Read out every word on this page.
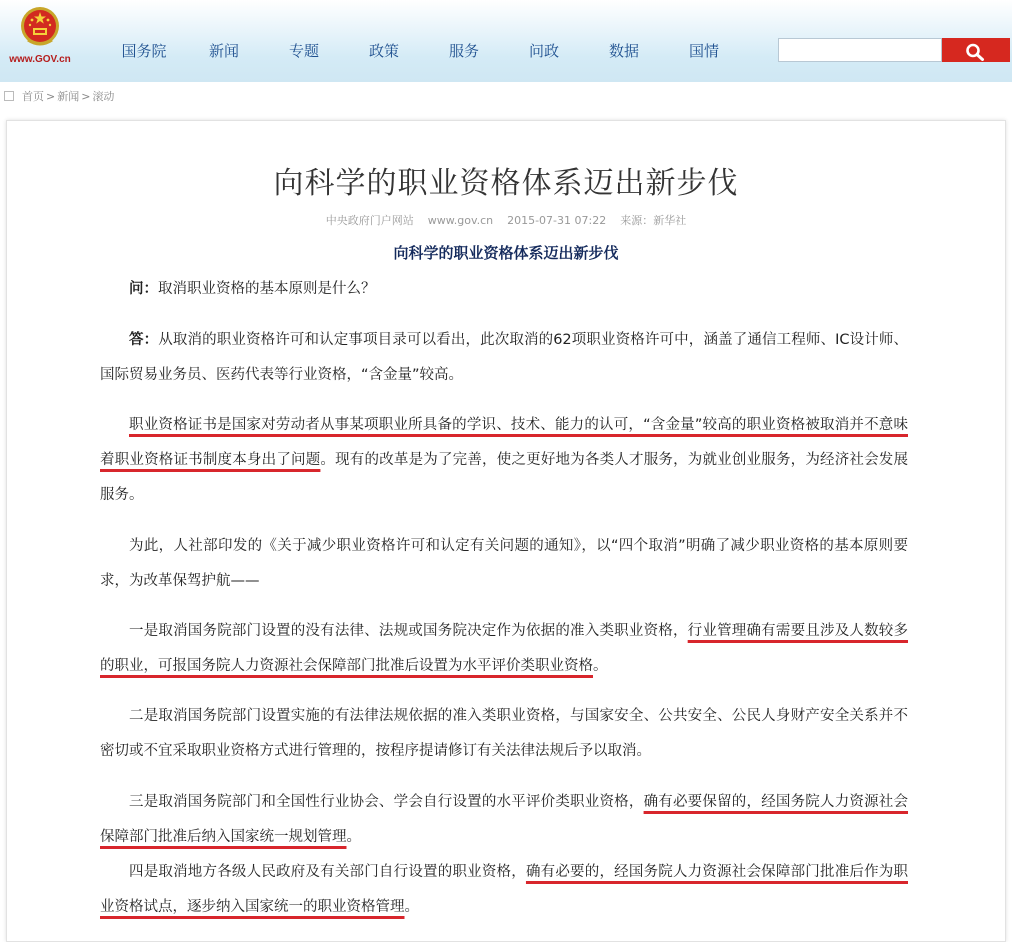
www.GOV.cn	国务院	新闻	专题	政策	服务	问政	数据	国情
首页 > 新闻 > 滚动
向科学的职业资格体系迈出新步伐
中央政府门户网站    www.gov.cn    2015-07-31 07:22    来源：新华社
向科学的职业资格体系迈出新步伐
问：取消职业资格的基本原则是什么？
答：从取消的职业资格许可和认定事项目录可以看出，此次取消的62项职业资格许可中，涵盖了通信工程师、IC设计师、国际贸易业务员、医药代表等行业资格，“含金量”较高。
职业资格证书是国家对劳动者从事某项职业所具备的学识、技术、能力的认可，“含金量”较高的职业资格被取消并不意味着职业资格证书制度本身出了问题。现有的改革是为了完善，使之更好地为各类人才服务，为就业创业服务，为经济社会发展服务。
为此，人社部印发的《关于减少职业资格许可和认定有关问题的通知》，以“四个取消”明确了减少职业资格的基本原则要求，为改革保驾护航——
一是取消国务院部门设置的没有法律、法规或国务院决定作为依据的准入类职业资格，行业管理确有需要且涉及人数较多的职业，可报国务院人力资源社会保障部门批准后设置为水平评价类职业资格。
二是取消国务院部门设置实施的有法律法规依据的准入类职业资格，与国家安全、公共安全、公民人身财产安全关系并不密切或不宜采取职业资格方式进行管理的，按程序提请修订有关法律法规后予以取消。
三是取消国务院部门和全国性行业协会、学会自行设置的水平评价类职业资格，确有必要保留的，经国务院人力资源社会保障部门批准后纳入国家统一规划管理。
四是取消地方各级人民政府及有关部门自行设置的职业资格，确有必要的，经国务院人力资源社会保障部门批准后作为职业资格试点，逐步纳入国家统一的职业资格管理。
